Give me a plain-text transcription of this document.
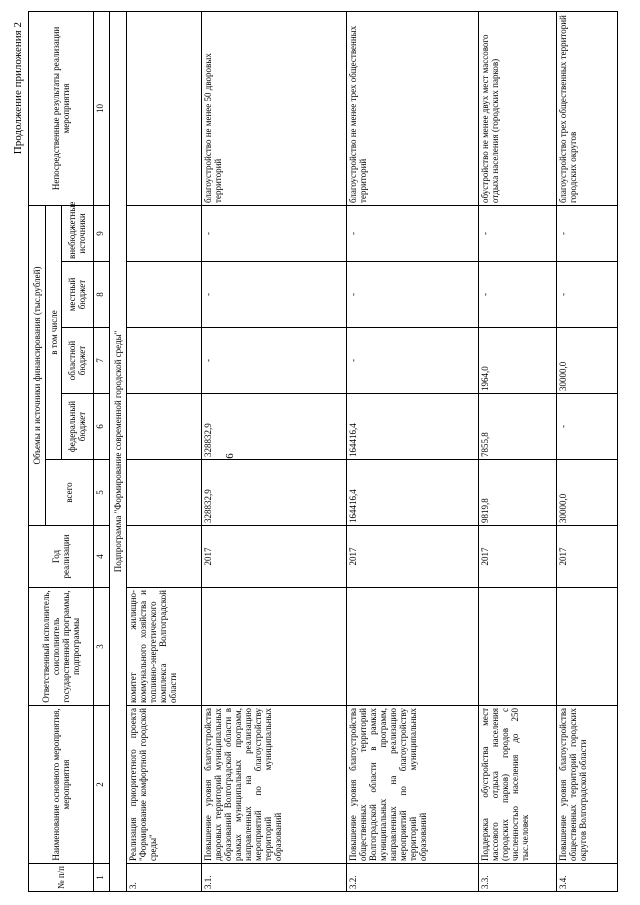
6
Продолжение приложения 2
№ п/п	Наименование основного мероприятия, мероприятия	Ответственный исполнитель, соисполнитель государственной программы, подпрограммы	Год реализации	Объемы и источники финансирования (тыс.рублей)					Непосредственные результаты реализации мероприятия
				всего	в том числе				
					федеральный бюджет	областной бюджет	местный бюджет	внебюджетные источники	
1	2	3	4	5	6	7	8	9	10
Подпрограмма "Формирование современной городской среды"									
3.	Реализация приоритетного проекта "Формирование комфортной городской среды"	комитет жилищно-коммунального хозяйства и топливно-энергетического комплекса Волгоградской области							
3.1.	Повышение уровня благоустройства дворовых территорий муниципальных образований Волгоградской области в рамках муниципальных программ, направленных на реализацию мероприятий по благоустройству территорий муниципальных образований		2017	328832,9	328832,9	-	-	-	благоустройство не менее 50 дворовых территорий
3.2.	Повышение уровня благоустройства общественных территорий Волгоградской области в рамках муниципальных программ, направленных на реализацию мероприятий по благоустройству территорий муниципальных образований		2017	164416,4	164416,4	-	-	-	благоустройство не менее трех общественных территорий
3.3.	Поддержка обустройства мест массового отдыха населения (городских парков) городов с численностью населения до 250 тыс.человек		2017	9819,8	7855,8	1964,0	-	-	обустройство не менее двух мест массового отдыха населения (городских парков)
3.4.	Повышение уровня благоустройства общественных территорий городских округов Волгоградской области		2017	30000,0	-	30000,0	-	-	благоустройство трех общественных территорий городских округов
